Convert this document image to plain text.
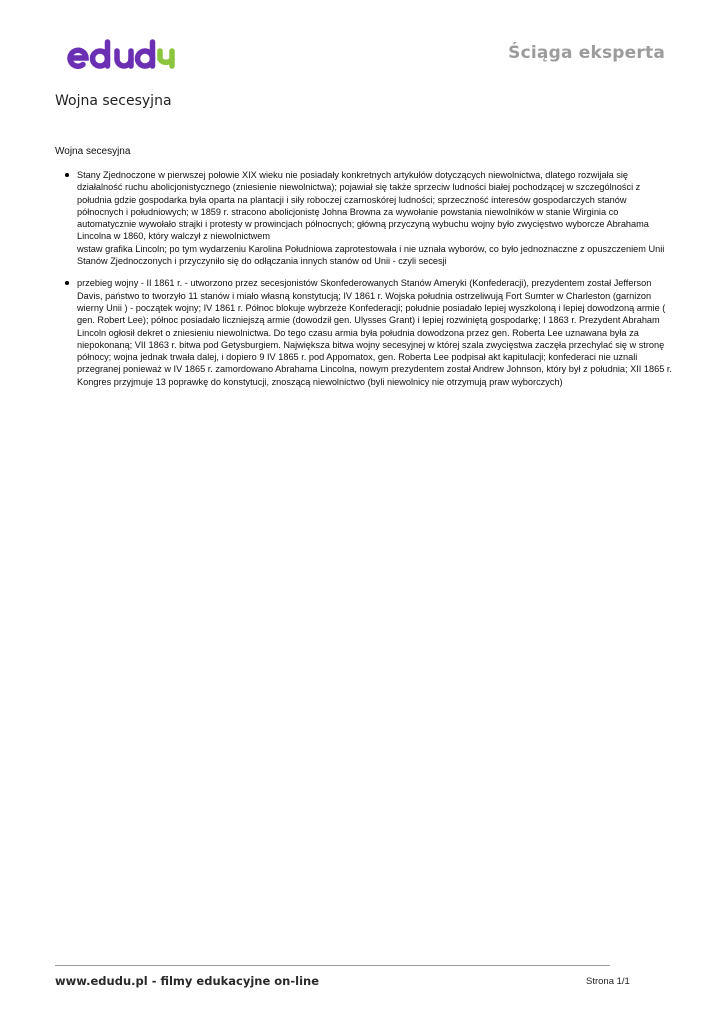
Ściąga eksperta
Wojna secesyjna
Wojna secesyjna
Stany Zjednoczone w pierwszej połowie XIX wieku nie posiadały konkretnych artykułów dotyczących niewolnictwa, dlatego rozwijała się działalność ruchu abolicjonistycznego (zniesienie niewolnictwa); pojawiał się także sprzeciw ludności białej pochodzącej w szczególności z południa gdzie gospodarka była oparta na plantacji i siły roboczej czarnoskórej ludności; sprzeczność interesów gospodarczych stanów północnych i południowych; w 1859 r. stracono abolicjonistę Johna Browna za wywołanie powstania niewolników w stanie Wirginia co automatycznie wywołało strajki i protesty w prowincjach północnych; główną przyczyną wybuchu wojny było zwycięstwo wyborcze Abrahama Lincolna w 1860, który walczył z niewolnictwem
wstaw grafika Lincoln; po tym wydarzeniu Karolina Południowa zaprotestowała i nie uznała wyborów, co było jednoznaczne z opuszczeniem Unii Stanów Zjednoczonych i przyczyniło się do odłączania innych stanów od Unii - czyli secesji
przebieg wojny - II 1861 r. - utworzono przez secesjonistów Skonfederowanych Stanów Ameryki (Konfederacji), prezydentem został Jefferson Davis, państwo to tworzyło 11 stanów i miało własną konstytucją; IV 1861 r. Wojska południa ostrzeliwują Fort Sumter w Charleston (garnizon wierny Unii ) - początek wojny; IV 1861 r. Północ blokuje wybrzeże Konfederacji; południe posiadało lepiej wyszkoloną i lepiej dowodzoną armie ( gen. Robert Lee); północ posiadało liczniejszą armie (dowodził gen. Ulysses Grant) i lepiej rozwiniętą gospodarkę; I 1863 r. Prezydent Abraham Lincoln ogłosił dekret o zniesieniu niewolnictwa. Do tego czasu armia była południa dowodzona przez gen. Roberta Lee uznawana była za niepokonaną; VII 1863 r. bitwa pod Getysburgiem. Największa bitwa wojny secesyjnej w której szala zwycięstwa zaczęła przechylać się w stronę północy; wojna jednak trwała dalej, i dopiero 9 IV 1865 r. pod Appomatox, gen. Roberta Lee podpisał akt kapitulacji; konfederaci nie uznali przegranej ponieważ w IV 1865 r. zamordowano Abrahama Lincolna, nowym prezydentem został Andrew Johnson, który był z południa; XII 1865 r. Kongres przyjmuje 13 poprawkę do konstytucji, znoszącą niewolnictwo (byli niewolnicy nie otrzymują praw wyborczych)
www.edudu.pl - filmy edukacyjne on-line	Strona 1/1
